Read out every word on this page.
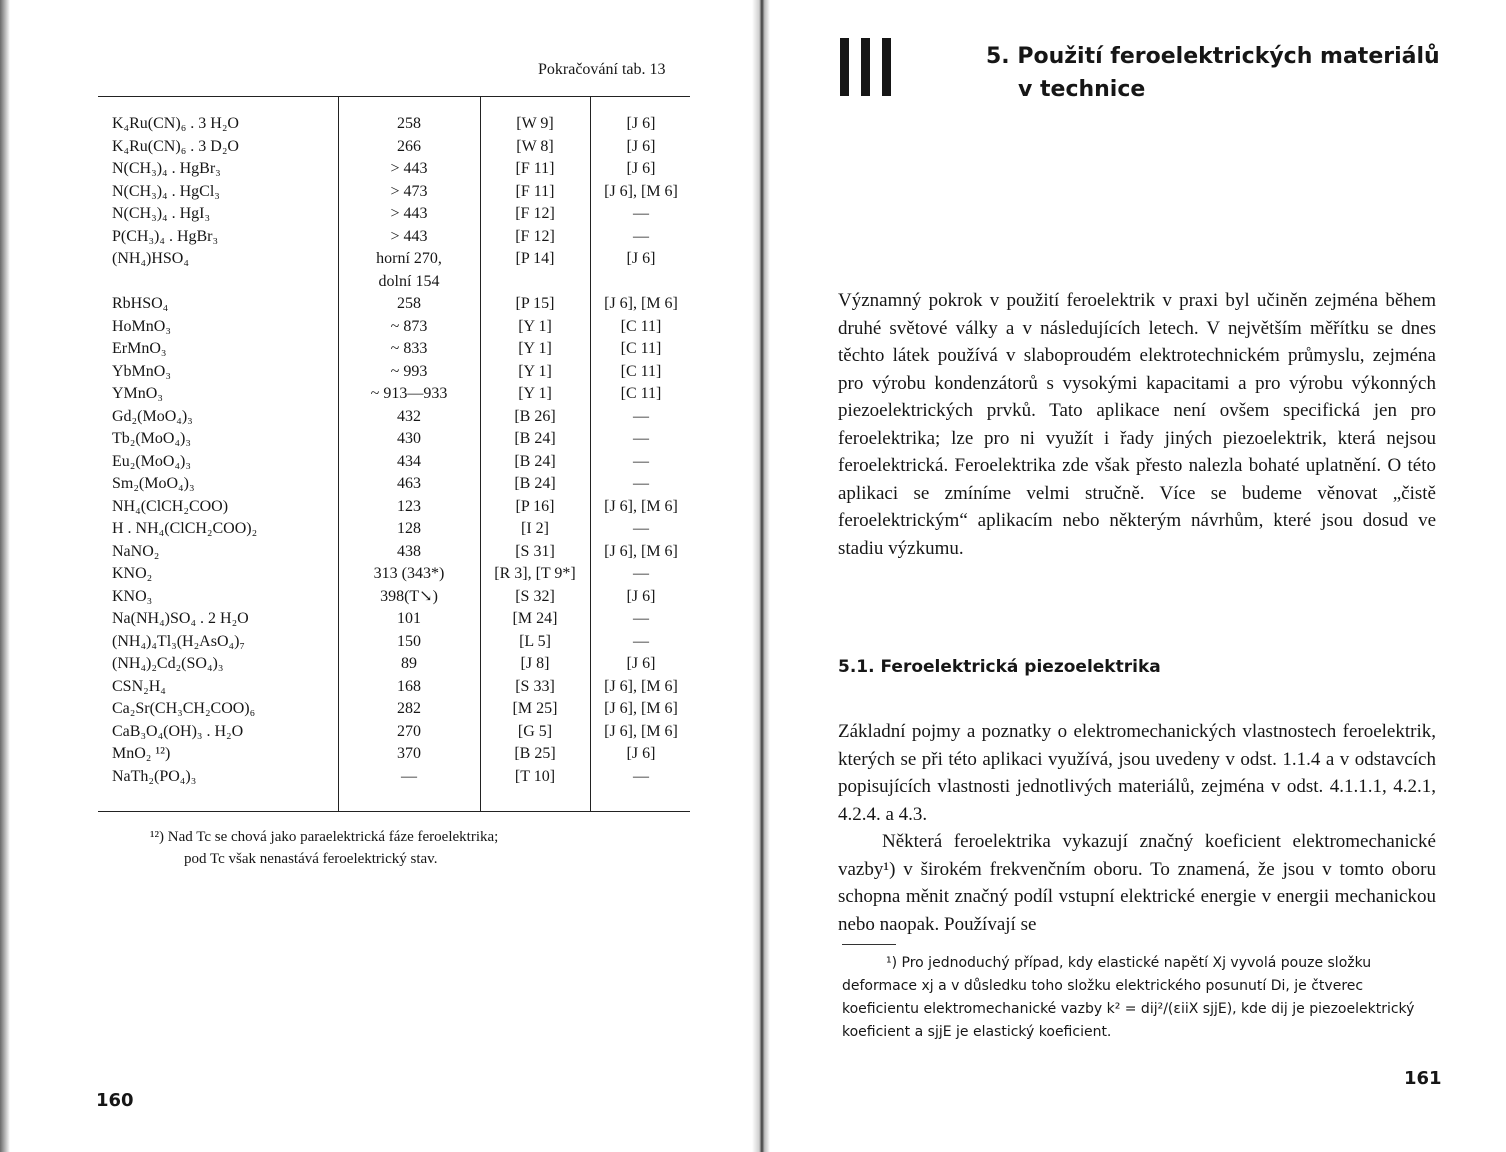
Pokračování tab. 13
K₄Ru(CN)₆ . 3 H₂O	258	[W 9]	[J 6]
K₄Ru(CN)₆ . 3 D₂O	266	[W 8]	[J 6]
N(CH₃)₄ . HgBr₃	> 443	[F 11]	[J 6]
N(CH₃)₄ . HgCl₃	> 473	[F 11]	[J 6], [M 6]
N(CH₃)₄ . HgI₃	> 443	[F 12]	—
P(CH₃)₄ . HgBr₃	> 443	[F 12]	—
(NH₄)HSO₄	horní 270,	[P 14]	[J 6]
dolní 154
RbHSO₄	258	[P 15]	[J 6], [M 6]
HoMnO₃	~ 873	[Y 1]	[C 11]
ErMnO₃	~ 833	[Y 1]	[C 11]
YbMnO₃	~ 993	[Y 1]	[C 11]
YMnO₃	~ 913—933	[Y 1]	[C 11]
Gd₂(MoO₄)₃	432	[B 26]	—
Tb₂(MoO₄)₃	430	[B 24]	—
Eu₂(MoO₄)₃	434	[B 24]	—
Sm₂(MoO₄)₃	463	[B 24]	—
NH₄(ClCH₂COO)	123	[P 16]	[J 6], [M 6]
H . NH₄(ClCH₂COO)₂	128	[I 2]	—
NaNO₂	438	[S 31]	[J 6], [M 6]
KNO₂	313 (343*)	[R 3], [T 9*]	—
KNO₃	398(T↘)	[S 32]	[J 6]
Na(NH₄)SO₄ . 2 H₂O	101	[M 24]	—
(NH₄)₄Tl₃(H₂AsO₄)₇	150	[L 5]	—
(NH₄)₂Cd₂(SO₄)₃	89	[J 8]	[J 6]
CSN₂H₄	168	[S 33]	[J 6], [M 6]
Ca₂Sr(CH₃CH₂COO)₆	282	[M 25]	[J 6], [M 6]
CaB₃O₄(OH)₃ . H₂O	270	[G 5]	[J 6], [M 6]
MnO₂ ¹²)	370	[B 25]	[J 6]
NaTh₂(PO₄)₃	—	[T 10]	—
¹²) Nad Tc se chová jako paraelektrická fáze feroelektrika;
pod Tc však nenastává feroelektrický stav.
160
5. Použití feroelektrických materiálů
v technice
Významný pokrok v použití feroelektrik v praxi byl učiněn zejména během druhé světové války a v následujících letech. V největším měřítku se dnes těchto látek používá v slaboproudém elektrotechnickém průmyslu, zejména pro výrobu kondenzátorů s vysokými kapacitami a pro výrobu výkonných piezoelektrických prvků. Tato aplikace není ovšem specifická jen pro feroelektrika; lze pro ni využít i řady jiných piezoelektrik, která nejsou feroelektrická. Feroelektrika zde však přesto nalezla bohaté uplatnění. O této aplikaci se zmíníme velmi stručně. Více se budeme věnovat „čistě feroelektrickým“ aplikacím nebo některým návrhům, které jsou dosud ve stadiu výzkumu.
5.1. Feroelektrická piezoelektrika
Základní pojmy a poznatky o elektromechanických vlastnostech feroelektrik, kterých se při této aplikaci využívá, jsou uvedeny v odst. 1.1.4 a v odstavcích popisujících vlastnosti jednotlivých materiálů, zejména v odst. 4.1.1.1, 4.2.1, 4.2.4. a 4.3.
Některá feroelektrika vykazují značný koeficient elektromechanické vazby¹) v širokém frekvenčním oboru. To znamená, že jsou v tomto oboru schopna měnit značný podíl vstupní elektrické energie v energii mechanickou nebo naopak. Používají se
¹) Pro jednoduchý případ, kdy elastické napětí Xj vyvolá pouze složku deformace xj a v důsledku toho složku elektrického posunutí Di, je čtverec koeficientu elektromechanické vazby k² = dij²/(εiiX sjjE), kde dij je piezoelektrický koeficient a sjjE je elastický koeficient.
161
